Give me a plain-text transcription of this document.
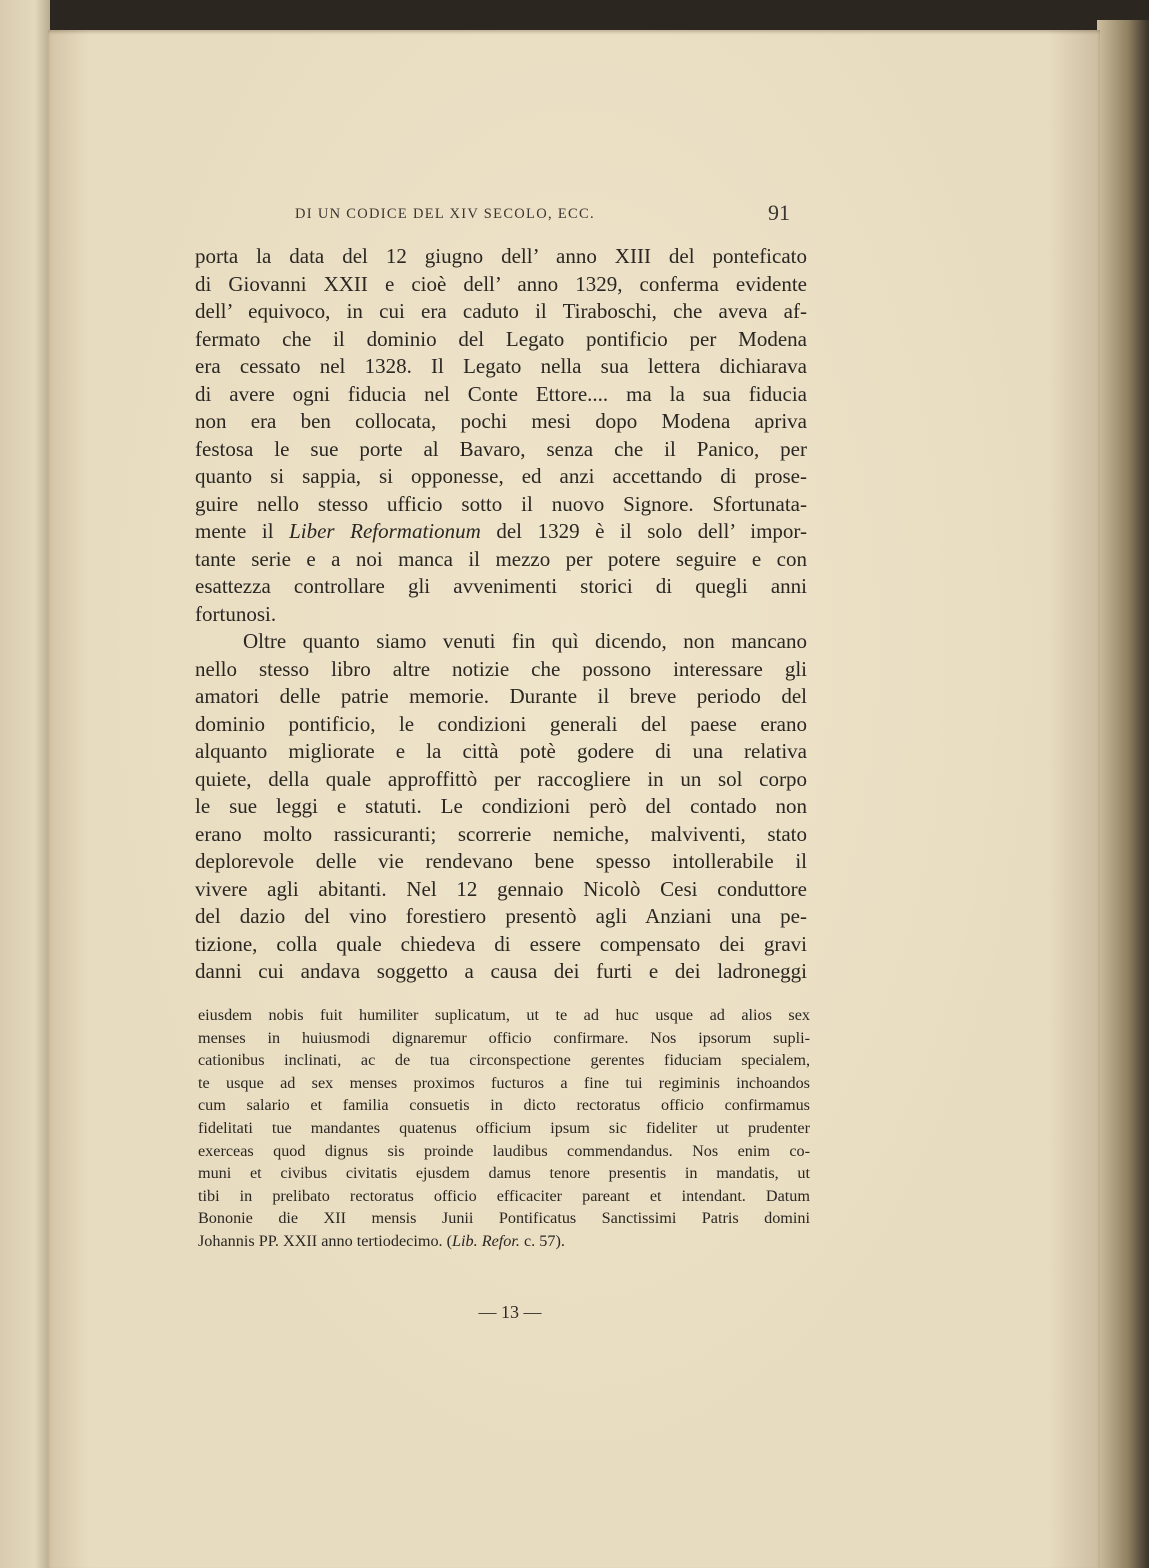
DI UN CODICE DEL XIV SECOLO, ECC.	91
porta la data del 12 giugno dell’ anno XIII del ponteficato
di Giovanni XXII e cioè dell’ anno 1329, conferma evidente
dell’ equivoco, in cui era caduto il Tiraboschi, che aveva af-
fermato che il dominio del Legato pontificio per Modena
era cessato nel 1328. Il Legato nella sua lettera dichiarava
di avere ogni fiducia nel Conte Ettore.... ma la sua fiducia
non era ben collocata, pochi mesi dopo Modena apriva
festosa le sue porte al Bavaro, senza che il Panico, per
quanto si sappia, si opponesse, ed anzi accettando di prose-
guire nello stesso ufficio sotto il nuovo Signore. Sfortunata-
mente il Liber Reformationum del 1329 è il solo dell’ impor-
tante serie e a noi manca il mezzo per potere seguire e con
esattezza controllare gli avvenimenti storici di quegli anni
fortunosi.
Oltre quanto siamo venuti fin quì dicendo, non mancano
nello stesso libro altre notizie che possono interessare gli
amatori delle patrie memorie. Durante il breve periodo del
dominio pontificio, le condizioni generali del paese erano
alquanto migliorate e la città potè godere di una relativa
quiete, della quale approffittò per raccogliere in un sol corpo
le sue leggi e statuti. Le condizioni però del contado non
erano molto rassicuranti; scorrerie nemiche, malviventi, stato
deplorevole delle vie rendevano bene spesso intollerabile il
vivere agli abitanti. Nel 12 gennaio Nicolò Cesi conduttore
del dazio del vino forestiero presentò agli Anziani una pe-
tizione, colla quale chiedeva di essere compensato dei gravi
danni cui andava soggetto a causa dei furti e dei ladroneggi
eiusdem nobis fuit humiliter suplicatum, ut te ad huc usque ad alios sex
menses in huiusmodi dignaremur officio confirmare. Nos ipsorum supli-
cationibus inclinati, ac de tua circonspectione gerentes fiduciam specialem,
te usque ad sex menses proximos fucturos a fine tui regiminis inchoandos
cum salario et familia consuetis in dicto rectoratus officio confirmamus
fidelitati tue mandantes quatenus officium ipsum sic fideliter ut prudenter
exerceas quod dignus sis proinde laudibus commendandus. Nos enim co-
muni et civibus civitatis ejusdem damus tenore presentis in mandatis, ut
tibi in prelibato rectoratus officio efficaciter pareant et intendant. Datum
Bononie die XII mensis Junii Pontificatus Sanctissimi Patris domini
Johannis PP. XXII anno tertiodecimo. (Lib. Refor. c. 57).
— 13 —
